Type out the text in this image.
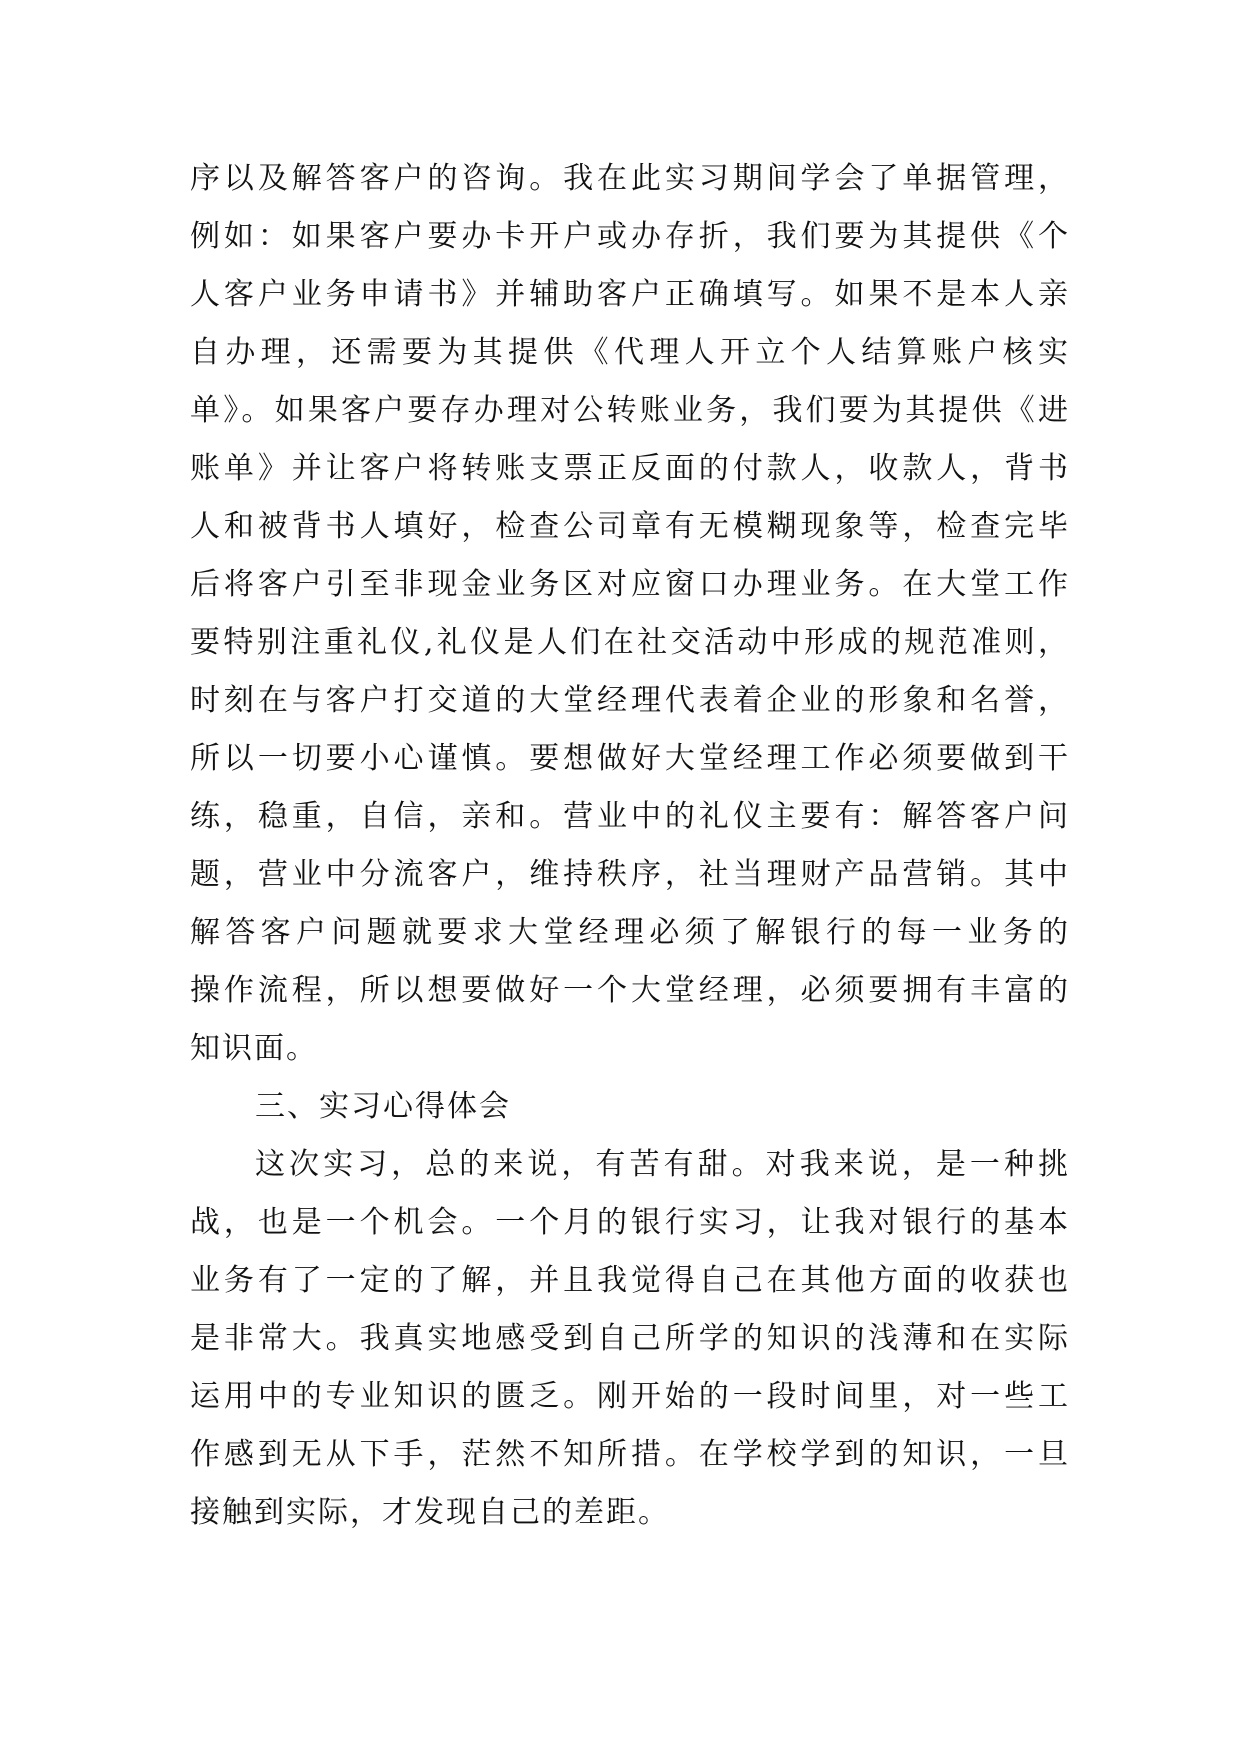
序以及解答客户的咨询。我在此实习期间学会了单据管理，
例如：如果客户要办卡开户或办存折，我们要为其提供《个
人客户业务申请书》并辅助客户正确填写。如果不是本人亲
自办理，还需要为其提供《代理人开立个人结算账户核实
单》。如果客户要存办理对公转账业务，我们要为其提供《进
账单》并让客户将转账支票正反面的付款人，收款人，背书
人和被背书人填好，检查公司章有无模糊现象等，检查完毕
后将客户引至非现金业务区对应窗口办理业务。在大堂工作
要特别注重礼仪,礼仪是人们在社交活动中形成的规范准则，
时刻在与客户打交道的大堂经理代表着企业的形象和名誉，
所以一切要小心谨慎。要想做好大堂经理工作必须要做到干
练，稳重，自信，亲和。营业中的礼仪主要有：解答客户问
题，营业中分流客户，维持秩序，社当理财产品营销。其中
解答客户问题就要求大堂经理必须了解银行的每一业务的
操作流程，所以想要做好一个大堂经理，必须要拥有丰富的
知识面。
三、实习心得体会
这次实习，总的来说，有苦有甜。对我来说，是一种挑
战，也是一个机会。一个月的银行实习，让我对银行的基本
业务有了一定的了解，并且我觉得自己在其他方面的收获也
是非常大。我真实地感受到自己所学的知识的浅薄和在实际
运用中的专业知识的匮乏。刚开始的一段时间里，对一些工
作感到无从下手，茫然不知所措。在学校学到的知识，一旦
接触到实际，才发现自己的差距。
